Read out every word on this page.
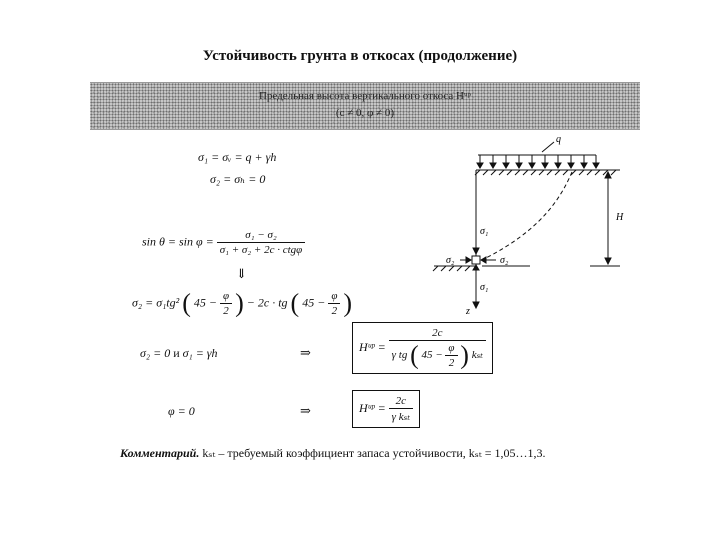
Устойчивость грунта в откосах (продолжение)
Предельная высота вертикального откоса Hᵘᵖ
(c ≠ 0, φ ≠ 0)
σ₁ = σᵥ = q + γh
σ₂ = σₕ = 0
$\sin \theta = \sin \varphi = \frac{\text{σ₁ − σ₂}}{\text{σ₁ + σ₂ + 2c · ctgφ}}$
⇓
σ₂ = σ₁tg² ( $45 - \frac{\varphi}{2}$ ) − 2c · tg ( $45 - \frac{\varphi}{2}$ )
σ₂ = 0 и σ₁ = γh	⇒	Hᵘᵖ =
2c
γ tg ( $45 - \frac{\varphi}{2}$ ) kₛₜ
φ = 0	⇒	Hᵘᵖ = $\frac{2c}{\text{γ kₛₜ}}$
Комментарий. kₛₜ – требуемый коэффициент запаса устойчивости, kₛₜ = 1,05…1,3.
q
H
σ₁
σ₁
σ₂	σ₂
z
